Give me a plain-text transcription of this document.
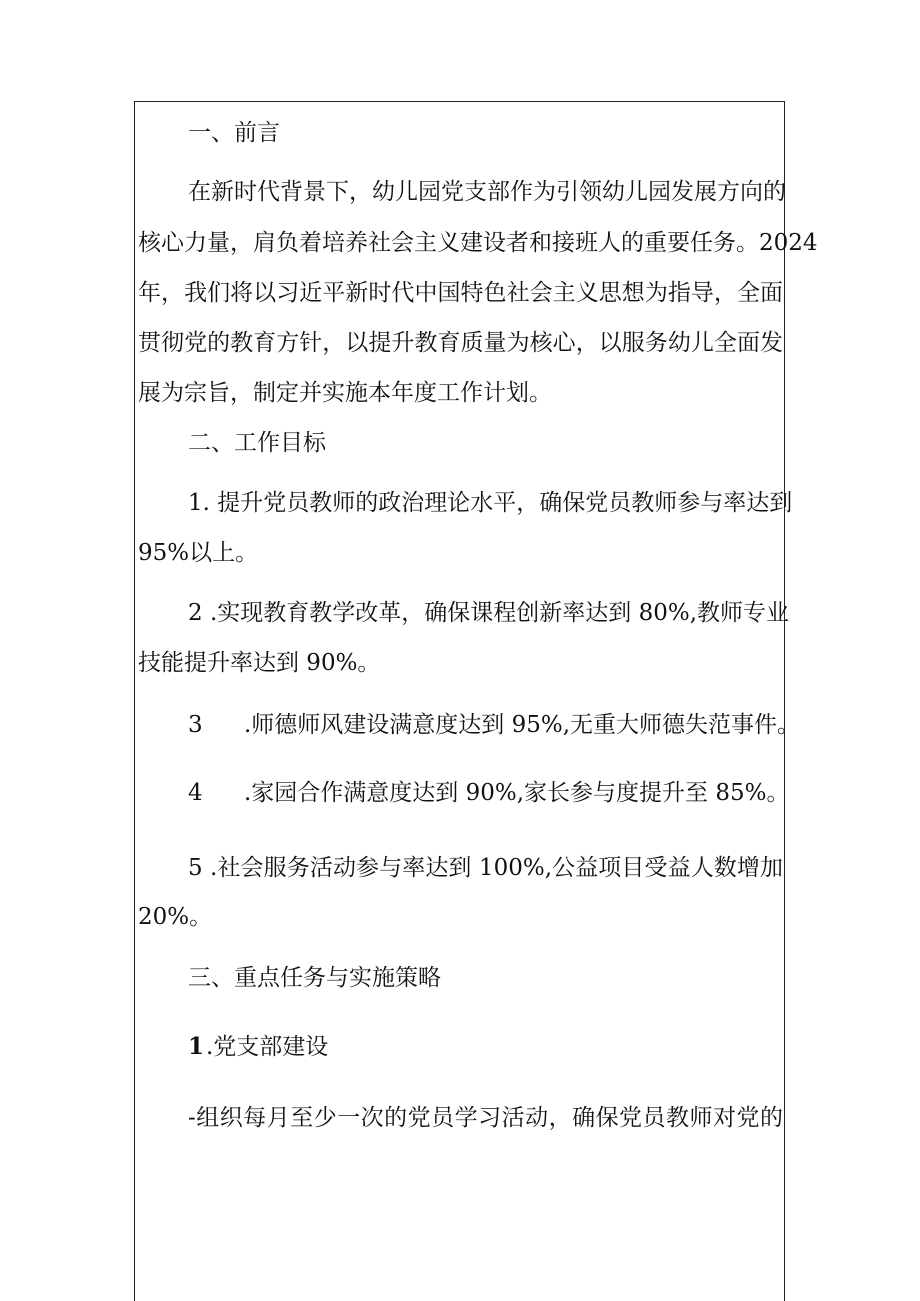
一、前言
在新时代背景下，幼儿园党支部作为引领幼儿园发展方向的
核心力量，肩负着培养社会主义建设者和接班人的重要任务。2024
年，我们将以习近平新时代中国特色社会主义思想为指导，全面
贯彻党的教育方针，以提升教育质量为核心，以服务幼儿全面发
展为宗旨，制定并实施本年度工作计划。
二、工作目标
1. 提升党员教师的政治理论水平，确保党员教师参与率达到
95%以上。
2 .实现教育教学改革，确保课程创新率达到 80%,教师专业
技能提升率达到 90%。
3 .师德师风建设满意度达到 95%,无重大师德失范事件。
4 .家园合作满意度达到 90%,家长参与度提升至 85%。
5 .社会服务活动参与率达到 100%,公益项目受益人数增加
20%。
三、重点任务与实施策略
1 .党支部建设
-组织每月至少一次的党员学习活动，确保党员教师对党的
